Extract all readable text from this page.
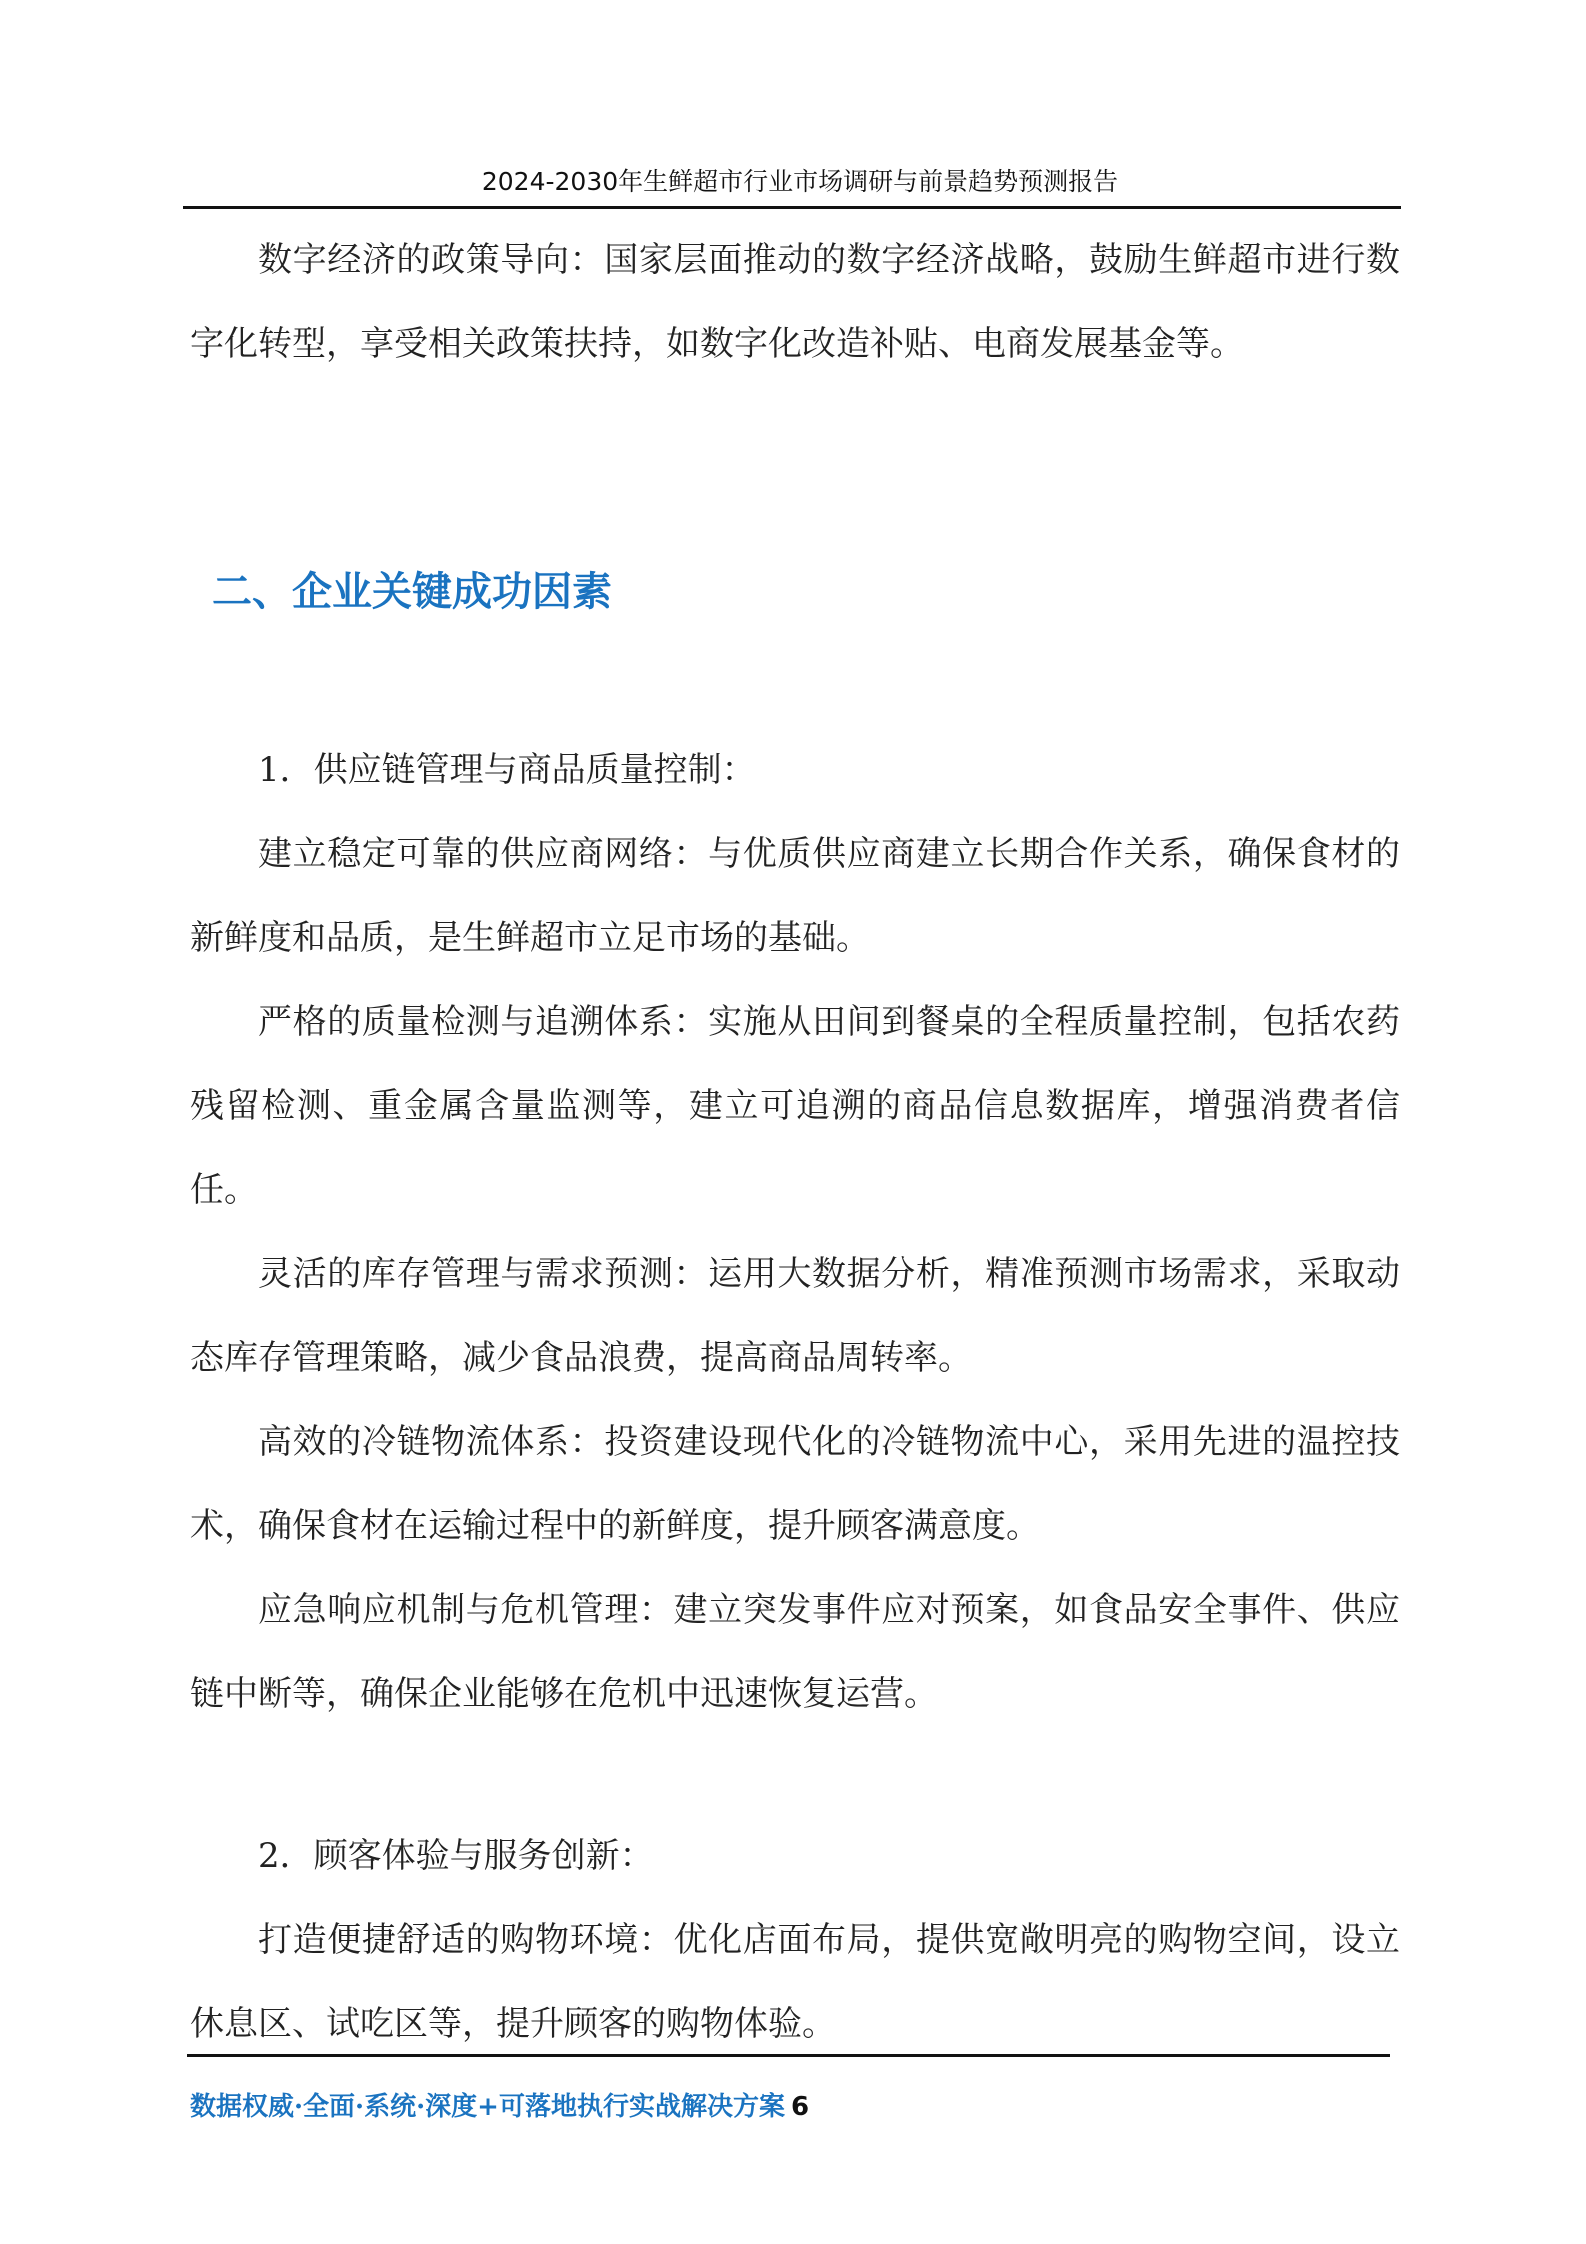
2024-2030年生鲜超市行业市场调研与前景趋势预测报告

数字经济的政策导向：国家层面推动的数字经济战略，鼓励生鲜超市进行数字化转型，享受相关政策扶持，如数字化改造补贴、电商发展基金等。

二、企业关键成功因素

1．供应链管理与商品质量控制：

建立稳定可靠的供应商网络：与优质供应商建立长期合作关系，确保食材的新鲜度和品质，是生鲜超市立足市场的基础。

严格的质量检测与追溯体系：实施从田间到餐桌的全程质量控制，包括农药残留检测、重金属含量监测等，建立可追溯的商品信息数据库，增强消费者信任。

灵活的库存管理与需求预测：运用大数据分析，精准预测市场需求，采取动态库存管理策略，减少食品浪费，提高商品周转率。

高效的冷链物流体系：投资建设现代化的冷链物流中心，采用先进的温控技术，确保食材在运输过程中的新鲜度，提升顾客满意度。

应急响应机制与危机管理：建立突发事件应对预案，如食品安全事件、供应链中断等，确保企业能够在危机中迅速恢复运营。

2．顾客体验与服务创新：

打造便捷舒适的购物环境：优化店面布局，提供宽敞明亮的购物空间，设立休息区、试吃区等，提升顾客的购物体验。

数据权威·全面·系统·深度+可落地执行实战解决方案 6
